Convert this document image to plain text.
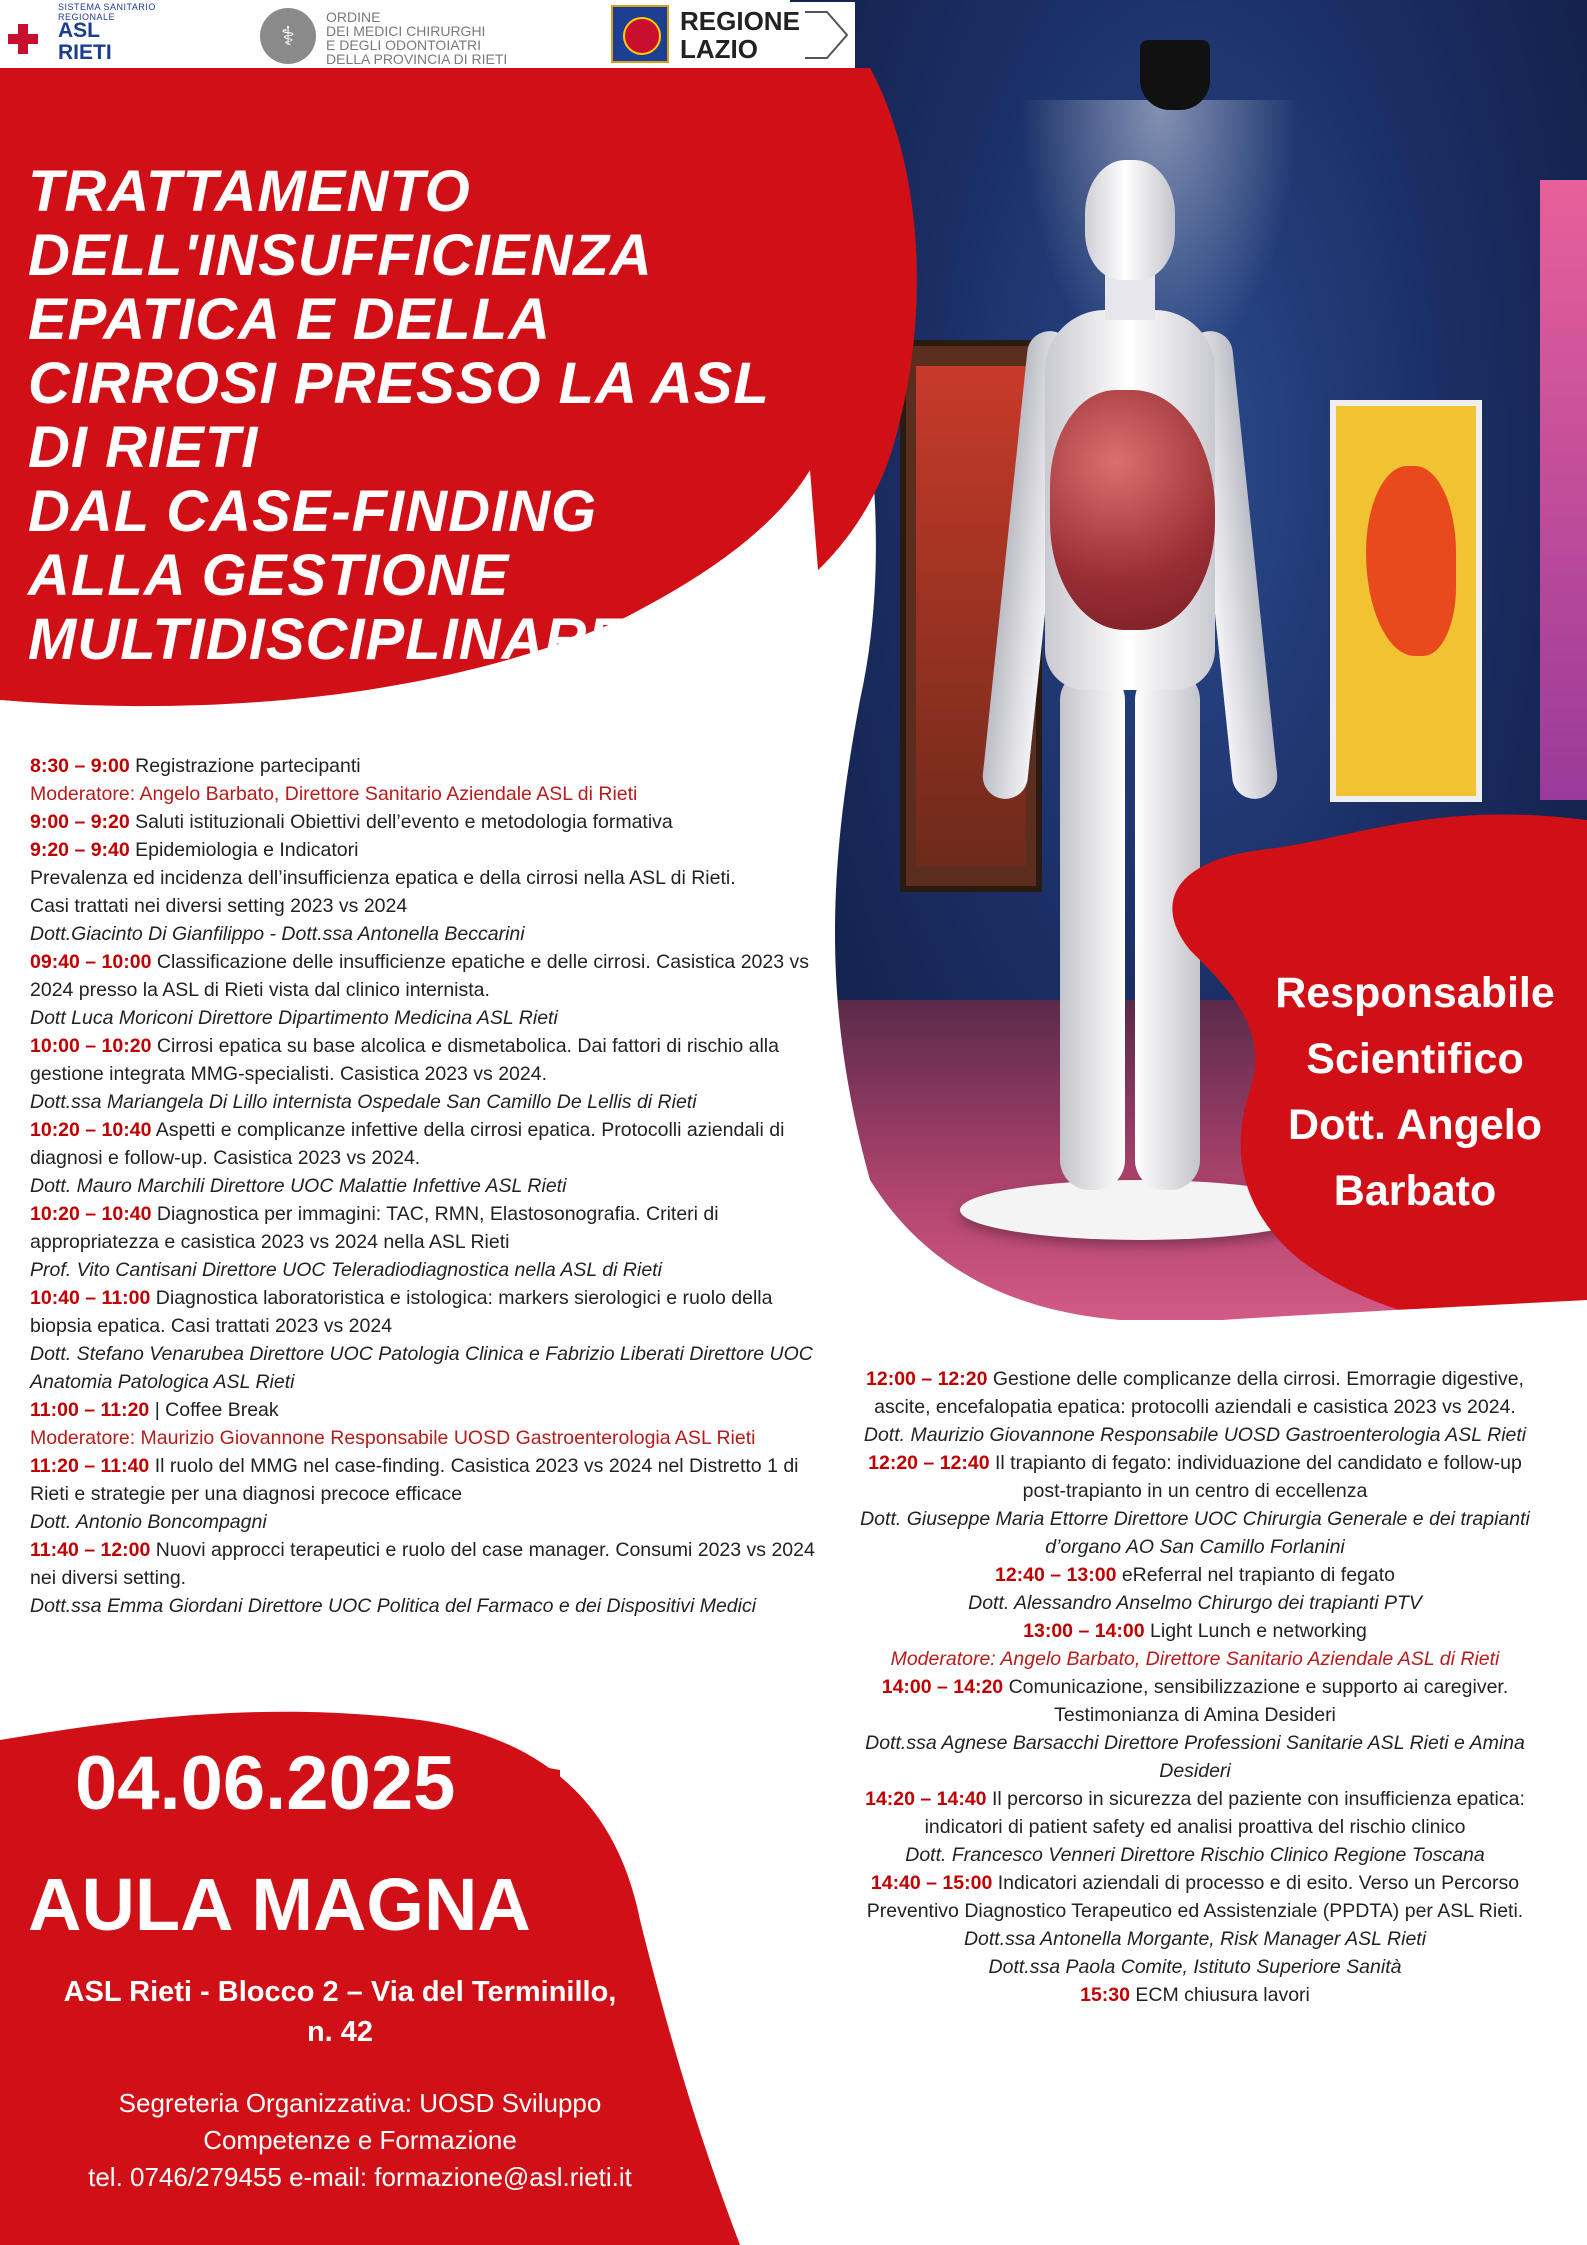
SISTEMA SANITARIO REGIONALE
ASL
RIETI
⚕
ORDINE
DEI MEDICI CHIRURGHI
E DEGLI ODONTOIATRI
DELLA PROVINCIA DI RIETI
REGIONE
LAZIO
TRATTAMENTO
DELL'INSUFFICIENZA
EPATICA E DELLA
CIRROSI PRESSO LA ASL
DI RIETI
DAL CASE-FINDING
ALLA GESTIONE
MULTIDISCIPLINARE
Responsabile
Scientifico
Dott. Angelo
Barbato

8:30 – 9:00 Registrazione partecipanti

Moderatore: Angelo Barbato, Direttore Sanitario Aziendale ASL di Rieti

9:00 – 9:20 Saluti istituzionali Obiettivi dell’evento e metodologia formativa

9:20 – 9:40 Epidemiologia e Indicatori

Prevalenza ed incidenza dell’insufficienza epatica e della cirrosi nella ASL di Rieti.

Casi trattati nei diversi setting 2023 vs 2024

Dott.Giacinto Di Gianfilippo - Dott.ssa Antonella Beccarini

09:40 – 10:00 Classificazione delle insufficienze epatiche e delle cirrosi. Casistica 2023 vs 2024 presso la ASL di Rieti vista dal clinico internista.

Dott Luca Moriconi Direttore Dipartimento Medicina ASL Rieti

10:00 – 10:20 Cirrosi epatica su base alcolica e dismetabolica. Dai fattori di rischio alla gestione integrata MMG-specialisti. Casistica 2023 vs 2024.

Dott.ssa Mariangela Di Lillo internista Ospedale San Camillo De Lellis di Rieti

10:20 – 10:40 Aspetti e complicanze infettive della cirrosi epatica. Protocolli aziendali di diagnosi e follow-up. Casistica 2023 vs 2024.

Dott. Mauro Marchili Direttore UOC Malattie Infettive ASL Rieti

10:20 – 10:40 Diagnostica per immagini: TAC, RMN, Elastosonografia. Criteri di appropriatezza e casistica 2023 vs 2024 nella ASL Rieti

Prof. Vito Cantisani Direttore UOC Teleradiodiagnostica nella ASL di Rieti

10:40 – 11:00 Diagnostica laboratoristica e istologica: markers sierologici e ruolo della biopsia epatica. Casi trattati 2023 vs 2024

Dott. Stefano Venarubea Direttore UOC Patologia Clinica e Fabrizio Liberati Direttore UOC Anatomia Patologica ASL Rieti

11:00 – 11:20 | Coffee Break

Moderatore: Maurizio Giovannone Responsabile UOSD Gastroenterologia ASL Rieti

11:20 – 11:40 Il ruolo del MMG nel case-finding. Casistica 2023 vs 2024 nel Distretto 1 di Rieti e strategie per una diagnosi precoce efficace

Dott. Antonio Boncompagni

11:40 – 12:00 Nuovi approcci terapeutici e ruolo del case manager. Consumi 2023 vs 2024 nei diversi setting.

Dott.ssa Emma Giordani Direttore UOC Politica del Farmaco e dei Dispositivi Medici

12:00 – 12:20 Gestione delle complicanze della cirrosi. Emorragie digestive, ascite, encefalopatia epatica: protocolli aziendali e casistica 2023 vs 2024.

Dott. Maurizio Giovannone Responsabile UOSD Gastroenterologia ASL Rieti

12:20 – 12:40 Il trapianto di fegato: individuazione del candidato e follow-up post-trapianto in un centro di eccellenza

Dott. Giuseppe Maria Ettorre Direttore UOC Chirurgia Generale e dei trapianti d’organo AO San Camillo Forlanini

12:40 – 13:00 eReferral nel trapianto di fegato

Dott. Alessandro Anselmo Chirurgo dei trapianti PTV

13:00 – 14:00 Light Lunch e networking

Moderatore: Angelo Barbato, Direttore Sanitario Aziendale ASL di Rieti

14:00 – 14:20 Comunicazione, sensibilizzazione e supporto ai caregiver. Testimonianza di Amina Desideri

Dott.ssa Agnese Barsacchi Direttore Professioni Sanitarie ASL Rieti e Amina Desideri

14:20 – 14:40 Il percorso in sicurezza del paziente con insufficienza epatica: indicatori di patient safety ed analisi proattiva del rischio clinico

Dott. Francesco Venneri Direttore Rischio Clinico Regione Toscana

14:40 – 15:00 Indicatori aziendali di processo e di esito. Verso un Percorso Preventivo Diagnostico Terapeutico ed Assistenziale (PPDTA) per ASL Rieti.

Dott.ssa Antonella Morgante, Risk Manager ASL Rieti

Dott.ssa Paola Comite, Istituto Superiore Sanità

15:30 ECM chiusura lavori

04.06.2025
AULA MAGNA
ASL Rieti - Blocco 2 – Via del Terminillo,
n. 42
Segreteria Organizzativa: UOSD Sviluppo
Competenze e Formazione
tel. 0746/279455 e-mail: formazione@asl.rieti.it
